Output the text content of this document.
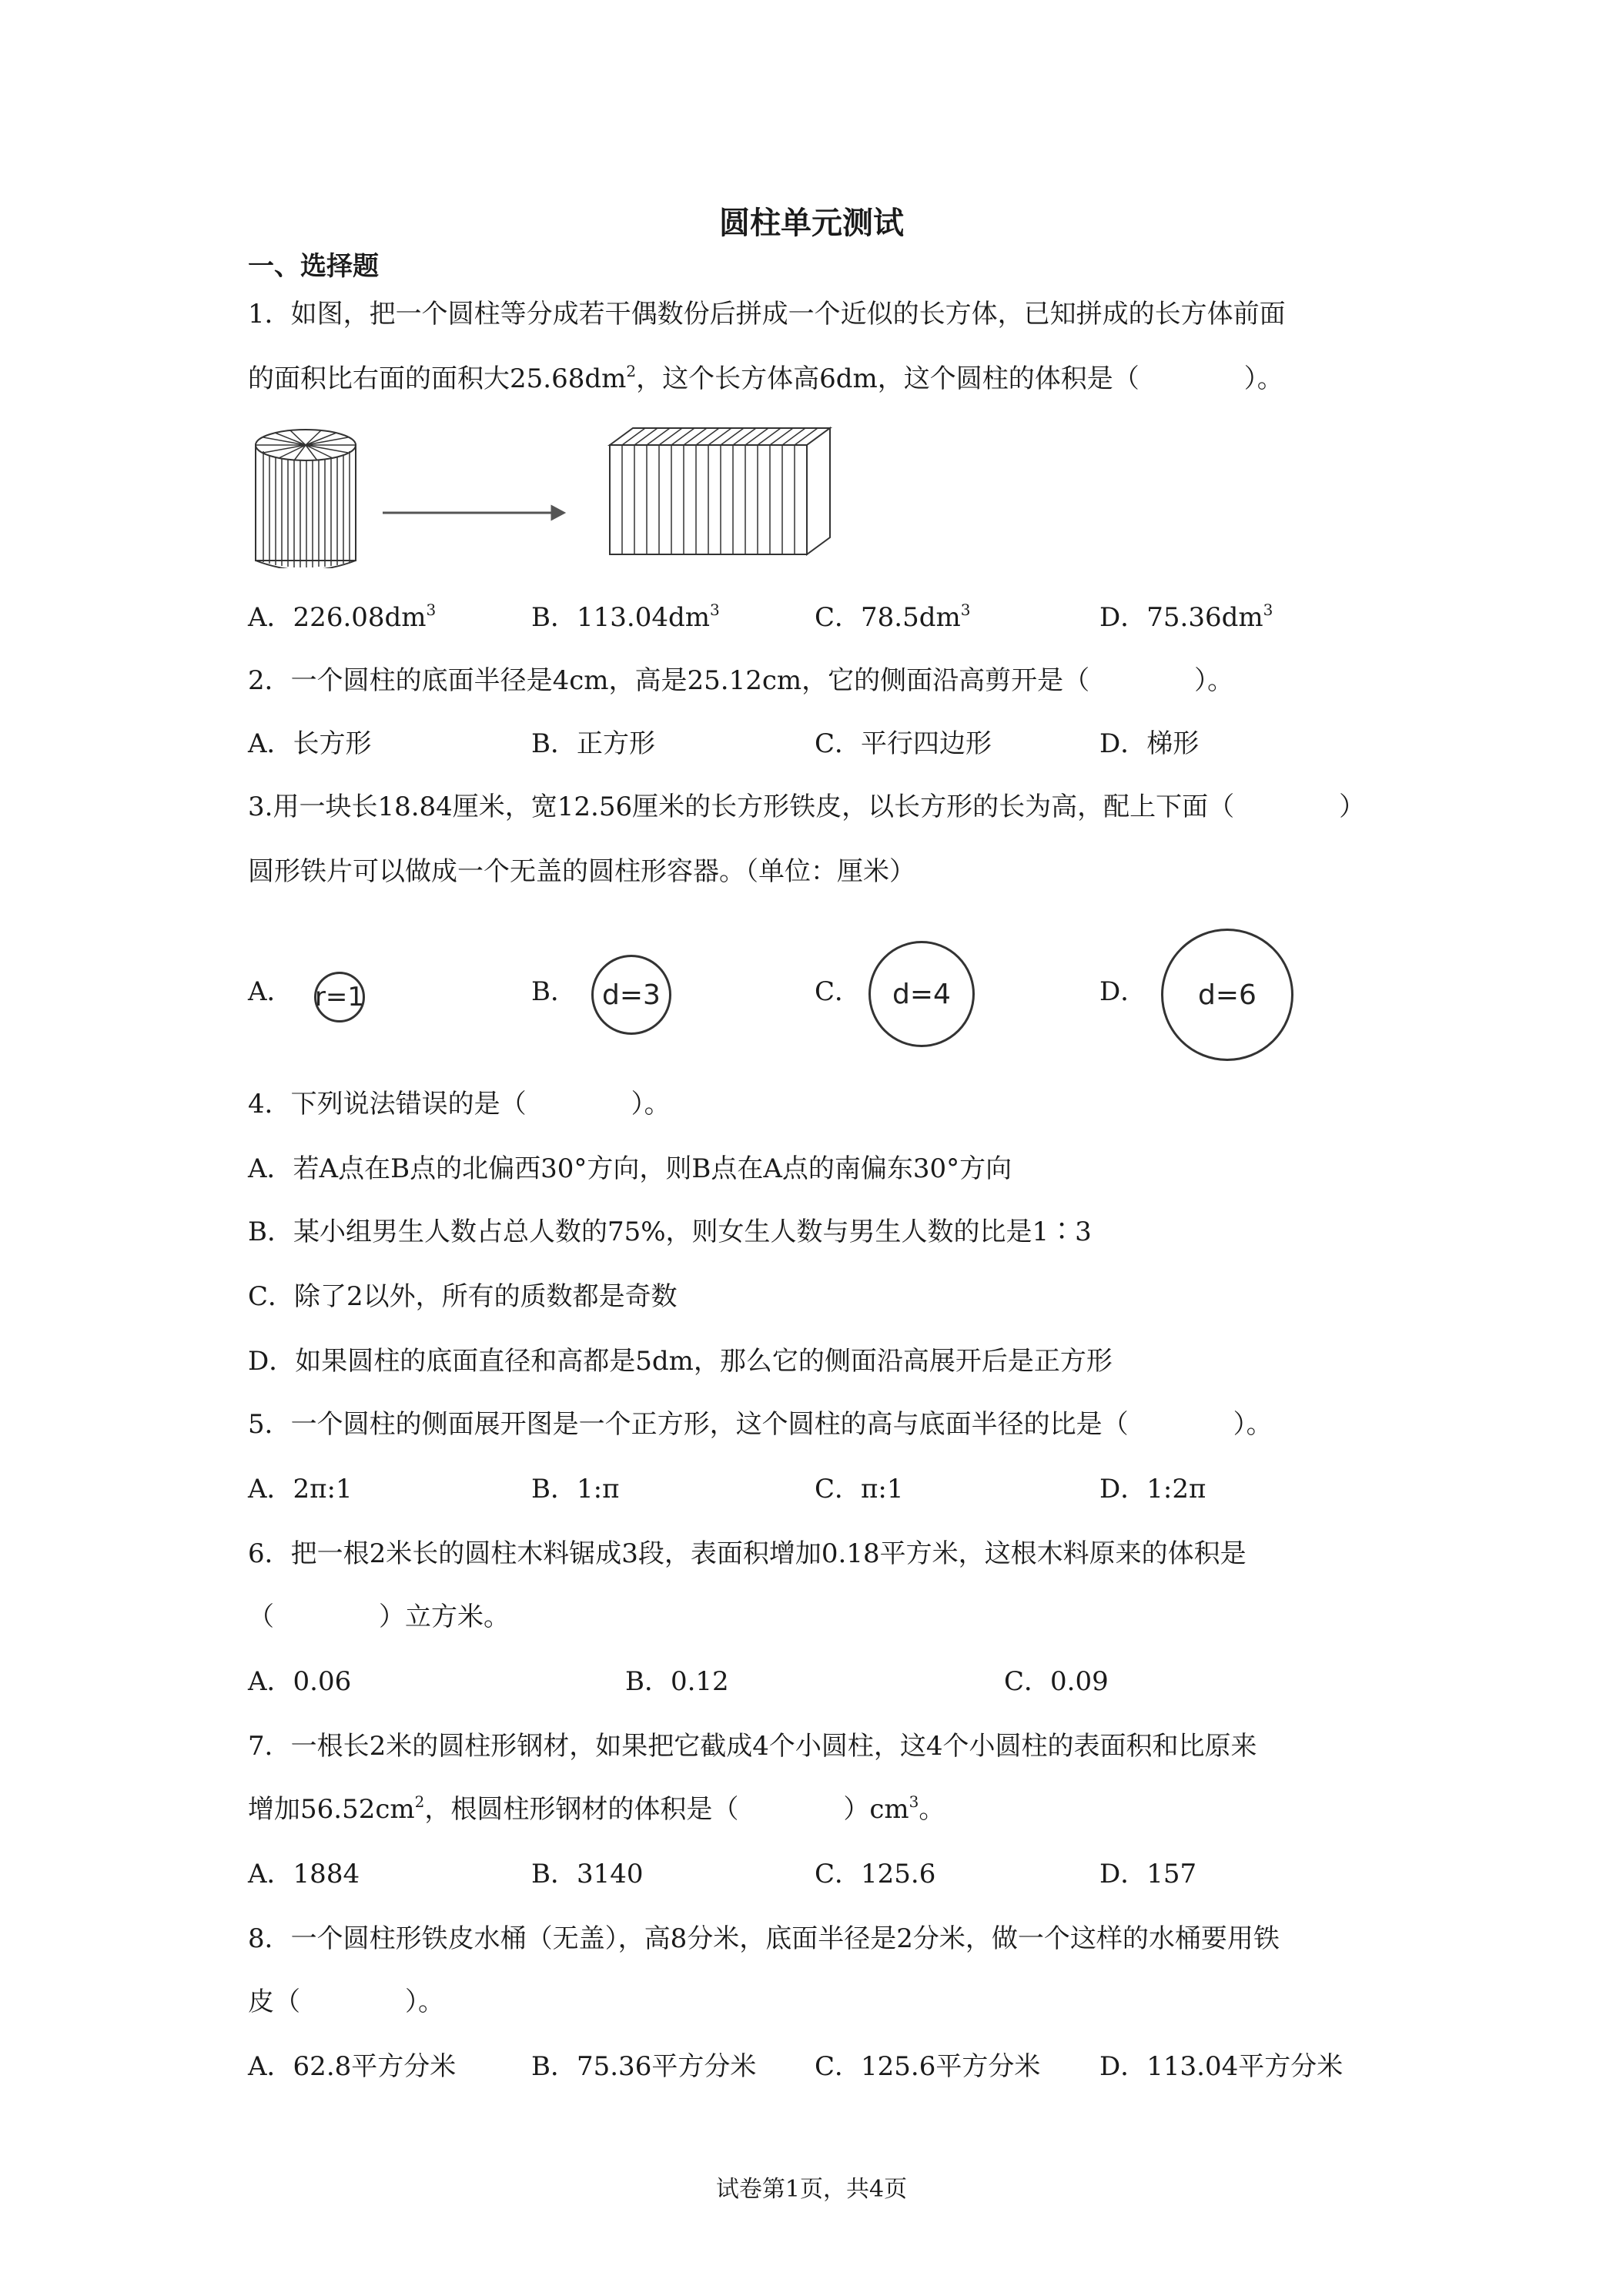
圆柱单元测试
一、选择题
1．如图，把一个圆柱等分成若干偶数份后拼成一个近似的长方体，已知拼成的长方体前面
的面积比右面的面积大$25.68dm^2$，这个长方体高6dm，这个圆柱的体积是（　　　　）。
A．$226.08dm^3$	B．$113.04dm^3$	C．$78.5dm^3$	D．$75.36dm^3$
2．一个圆柱的底面半径是4cm，高是25.12cm，它的侧面沿高剪开是（　　　　）。
A．长方形	B．正方形	C．平行四边形	D．梯形
3.用一块长18.84厘米，宽12.56厘米的长方形铁皮，以长方形的长为高，配上下面（　　　　）
圆形铁片可以做成一个无盖的圆柱形容器。（单位：厘米）
A． r=1	B． d=3	C． d=4	D． d=6
4．下列说法错误的是（　　　　）。
A．若A点在B点的北偏西30°方向，则B点在A点的南偏东30°方向
B．某小组男生人数占总人数的75%，则女生人数与男生人数的比是1∶3
C．除了2以外，所有的质数都是奇数
D．如果圆柱的底面直径和高都是5dm，那么它的侧面沿高展开后是正方形
5．一个圆柱的侧面展开图是一个正方形，这个圆柱的高与底面半径的比是（　　　　）。
A．2π:1	B．1:π	C．π:1	D．1:2π
6．把一根2米长的圆柱木料锯成3段，表面积增加0.18平方米，这根木料原来的体积是
（　　　　）立方米。
A．0.06	B．0.12	C．0.09
7．一根长2米的圆柱形钢材，如果把它截成4个小圆柱，这4个小圆柱的表面积和比原来
增加$56.52cm^2$，根圆柱形钢材的体积是（　　　　）$cm^3$。
A．1884	B．3140	C．125.6	D．157
8．一个圆柱形铁皮水桶（无盖），高8分米，底面半径是2分米，做一个这样的水桶要用铁
皮（　　　　）。
A．62.8平方分米	B．75.36平方分米 C．125.6平方分米 D．113.04平方分米
试卷第1页，共4页
